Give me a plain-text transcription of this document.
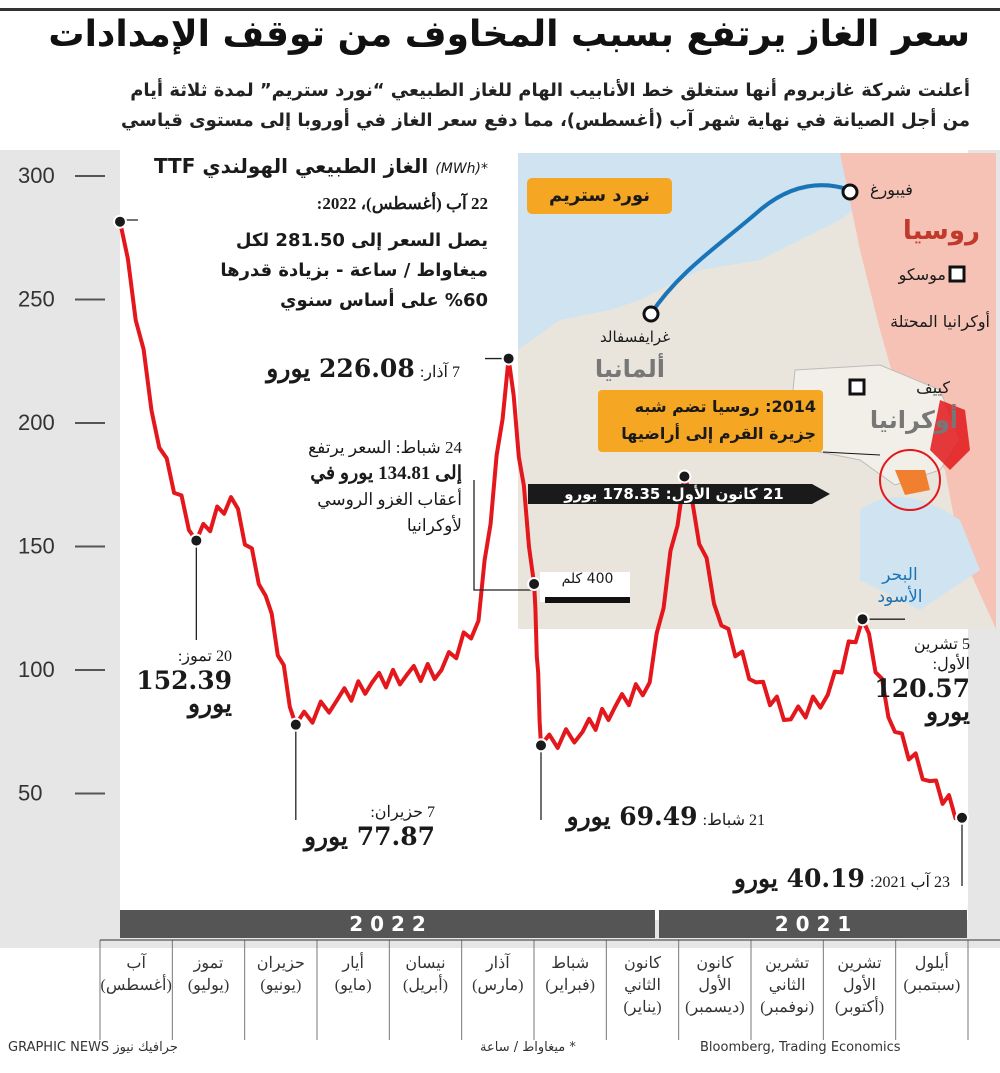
سعر الغاز يرتفع بسبب المخاوف من توقف الإمدادات
أعلنت شركة غازبروم أنها ستغلق خط الأنابيب الهام للغاز الطبيعي “نورد ستريم” لمدة ثلاثة أيام
من أجل الصيانة في نهاية شهر آب (أغسطس)، مما دفع سعر الغاز في أوروبا إلى مستوى قياسي
300
250
200
150
100
50
آب
(أغسطس)
تموز
(يوليو)
حزيران
(يونيو)
أيار
(مايو)
نيسان
(أبريل)
آذار
(مارس)
شباط
(فبراير)
كانون
الثاني
(يناير)
كانون
الأول
(ديسمبر)
تشرين
الثاني
(نوفمبر)
تشرين
الأول
(أكتوبر)
أيلول
(سبتمبر)
*(MWh) الغاز الطبيعي الهولندي TTF
22 آب (أغسطس)، 2022:
يصل السعر إلى 281.50 لكل
ميغاواط / ساعة - بزيادة قدرها
%60 على أساس سنوي
7 آذار: 226.08 يورو
24 شباط: السعر يرتفع
إلى 134.81 يورو في
أعقاب الغزو الروسي
لأوكرانيا
21 كانون الأول: 178.35 يورو
20 تموز:
152.39
يورو
7 حزيران:
77.87 يورو
21 شباط: 69.49 يورو
5 تشرين
الأول:
120.57
يورو
23 آب 2021: 40.19 يورو
2 0 2 2	2 0 2 1
نورد ستريم	فيبورغ
روسيا
موسكو
أوكرانيا المحتلة
غرايفسفالد
ألمانيا
كييف
أوكرانيا
2014: روسيا تضم شبه
جزيرة القرم إلى أراضيها
البحر
الأسود
400 كلم
GRAPHIC NEWS جرافيك نيوز	* ميغاواط / ساعة	Bloomberg, Trading Economics
